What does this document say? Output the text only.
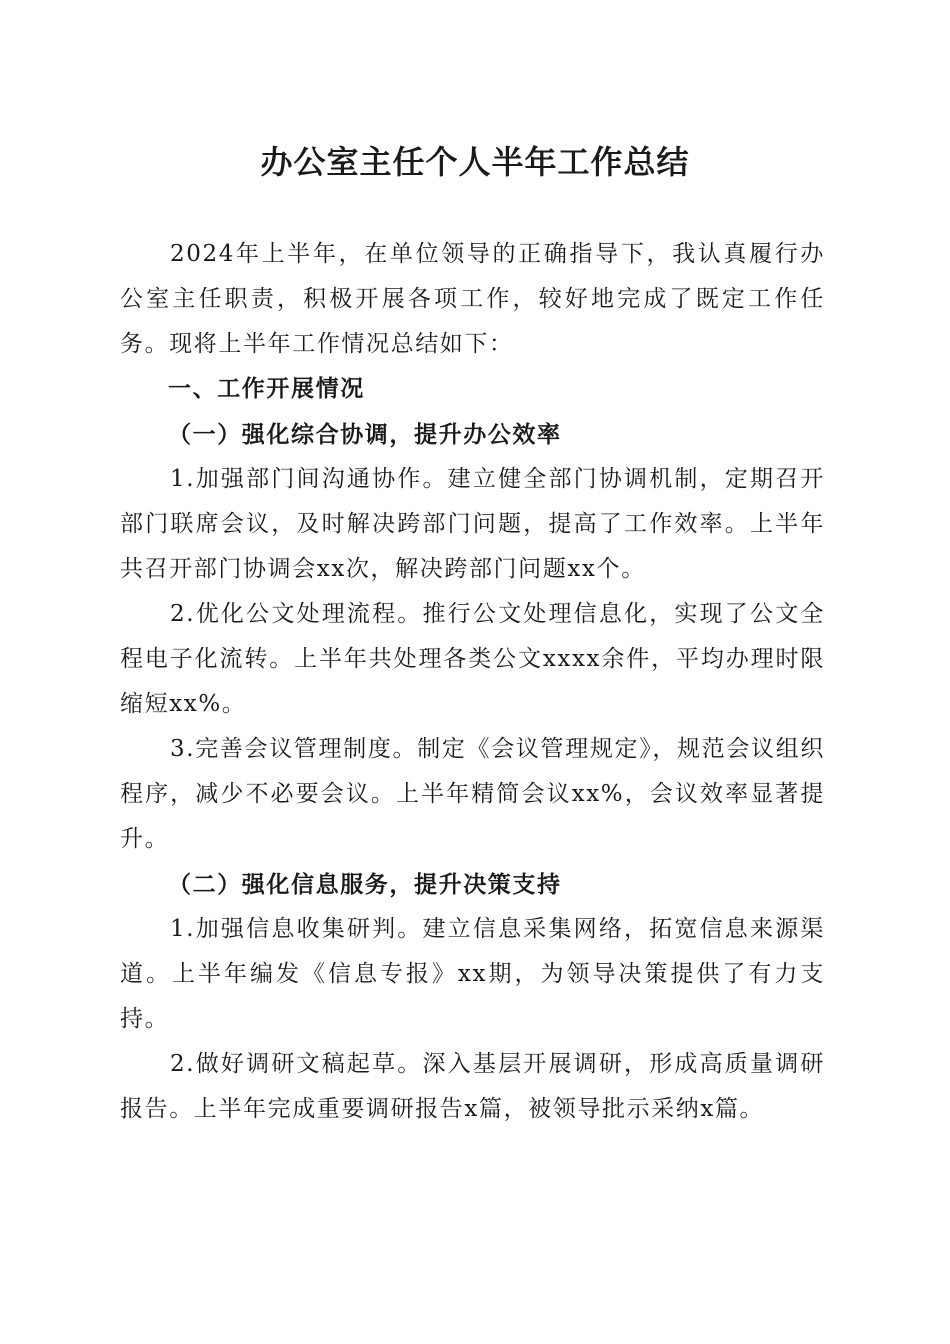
办公室主任个人半年工作总结

2024年上半年，在单位领导的正确指导下，我认真履行办公室主任职责，积极开展各项工作，较好地完成了既定工作任务。现将上半年工作情况总结如下：

一、工作开展情况
（一）强化综合协调，提升办公效率

1.加强部门间沟通协作。建立健全部门协调机制，定期召开部门联席会议，及时解决跨部门问题，提高了工作效率。上半年共召开部门协调会xx次，解决跨部门问题xx个。

2.优化公文处理流程。推行公文处理信息化，实现了公文全程电子化流转。上半年共处理各类公文xxxx余件，平均办理时限缩短xx%。

3.完善会议管理制度。制定《会议管理规定》，规范会议组织程序，减少不必要会议。上半年精简会议xx%，会议效率显著提升。

（二）强化信息服务，提升决策支持

1.加强信息收集研判。建立信息采集网络，拓宽信息来源渠道。上半年编发《信息专报》xx期，为领导决策提供了有力支持。

2.做好调研文稿起草。深入基层开展调研，形成高质量调研报告。上半年完成重要调研报告x篇，被领导批示采纳x篇。
